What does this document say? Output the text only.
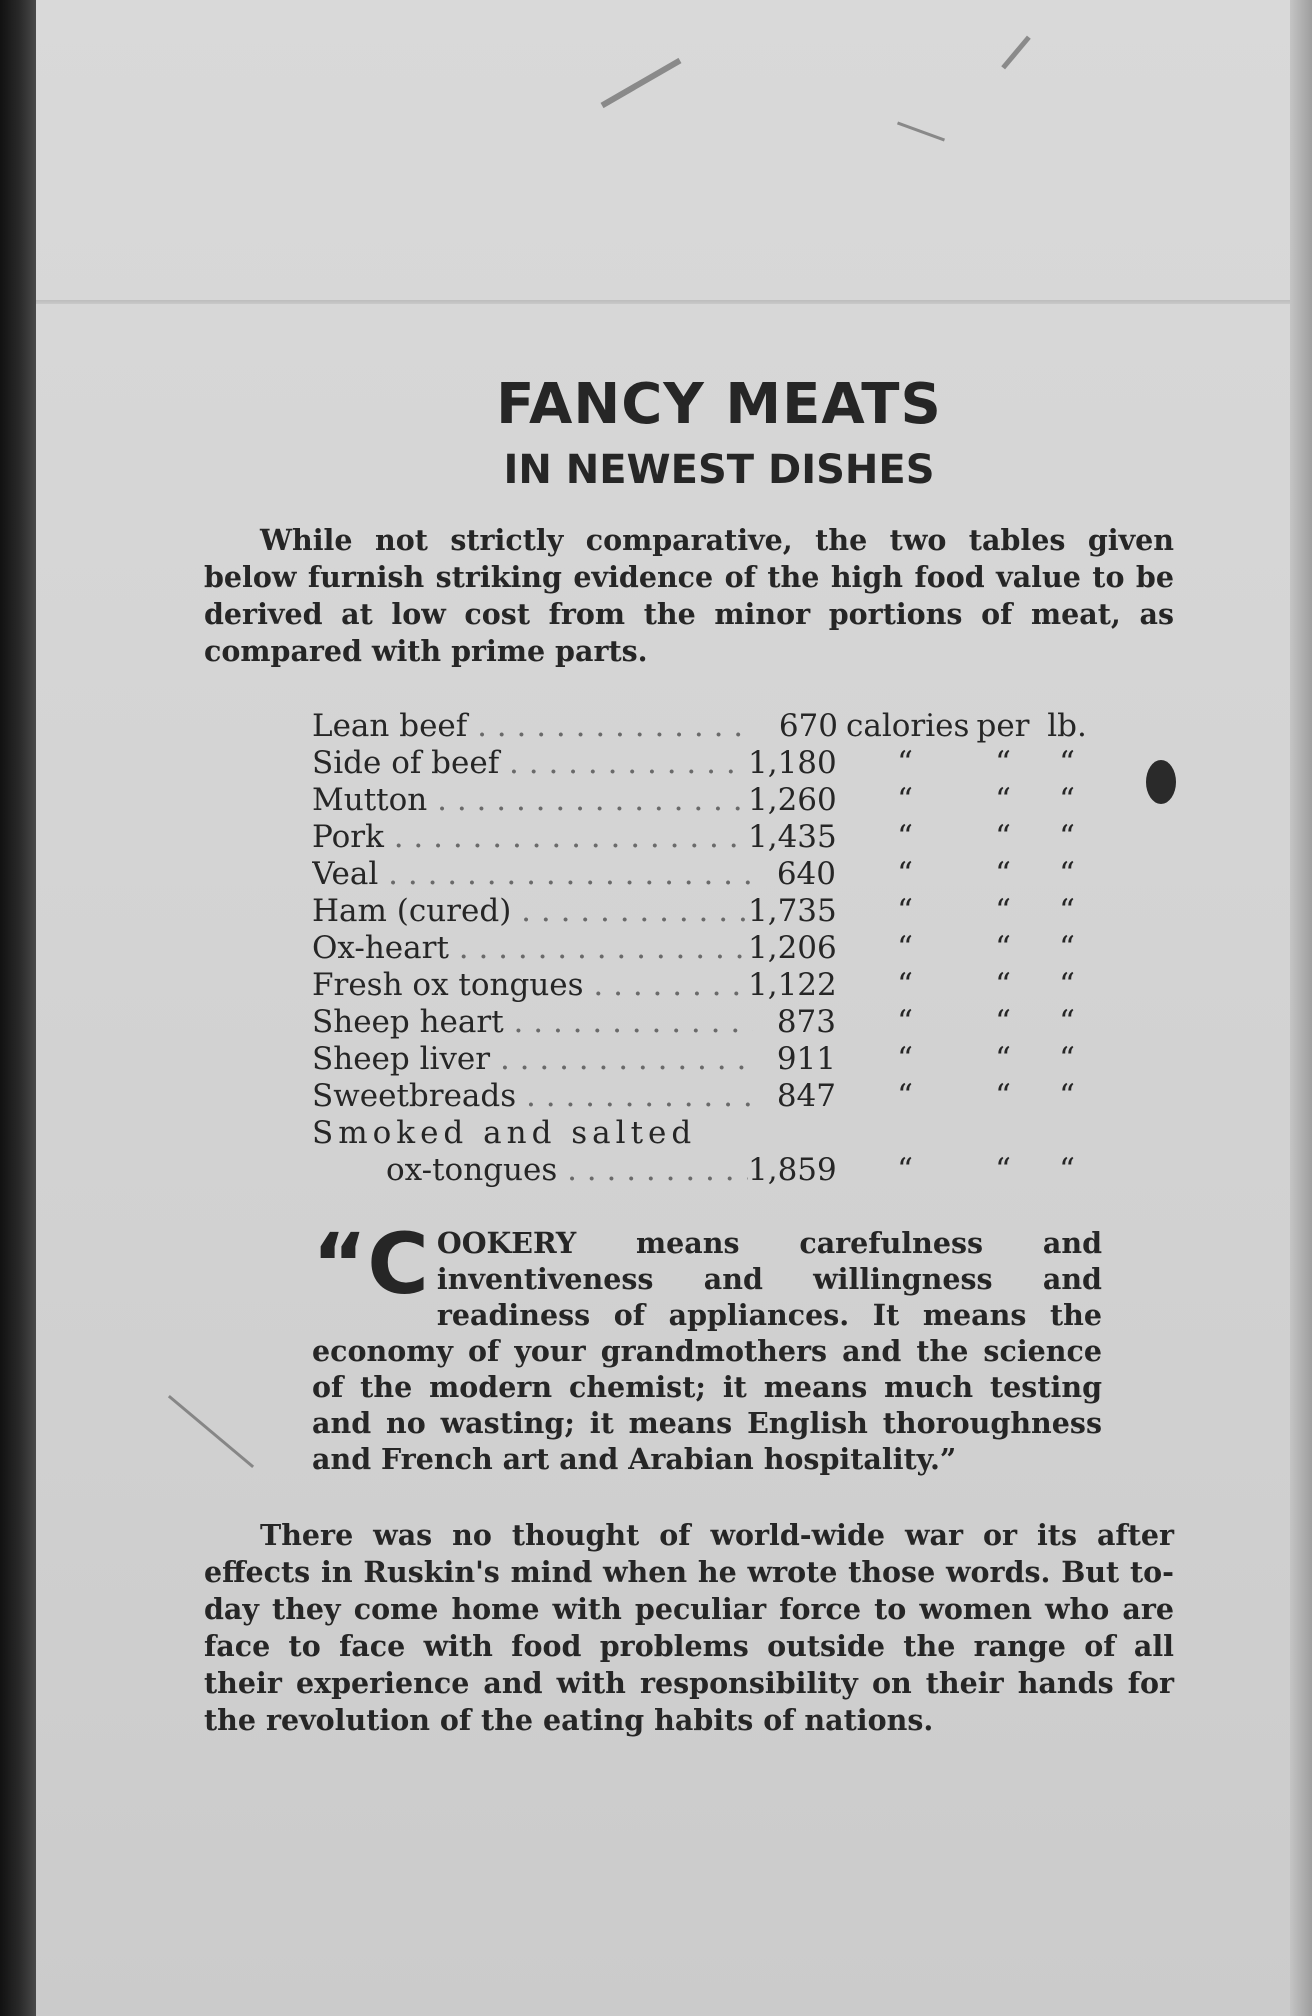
FANCY MEATS
IN NEWEST DISHES

While not strictly comparative, the two tables given below furnish striking evidence of the high food value to be derived at low cost from the minor portions of meat, as compared with prime parts.

Lean beef . . .	670 calories per lb.
Side of beef . . .	1,180	“	“	“
Mutton . . .	1,260	“	“	“
Pork . . .	1,435	“	“	“
Veal . . .	640	“	“	“
Ham (cured) . . .	1,735	“	“	“
Ox-heart . . .	1,206	“	“	“
Fresh ox tongues . . .	1,122	“	“	“
Sheep heart . . .	873	“	“	“
Sheep liver . . .	911	“	“	“
Sweetbreads . . .	847	“	“	“
Smoked and salted
ox-tongues . . .	1,859	“	“	“

“C OOKERY means carefulness and inventiveness and willingness and readiness of appliances. It means the economy of your grandmothers and the science of the modern chemist; it means much testing and no wasting; it means English thoroughness and French art and Arabian hospitality.”

There was no thought of world-wide war or its after effects in Ruskin's mind when he wrote those words. But to-day they come home with peculiar force to women who are face to face with food problems outside the range of all their experience and with responsibility on their hands for the revolution of the eating habits of nations.
